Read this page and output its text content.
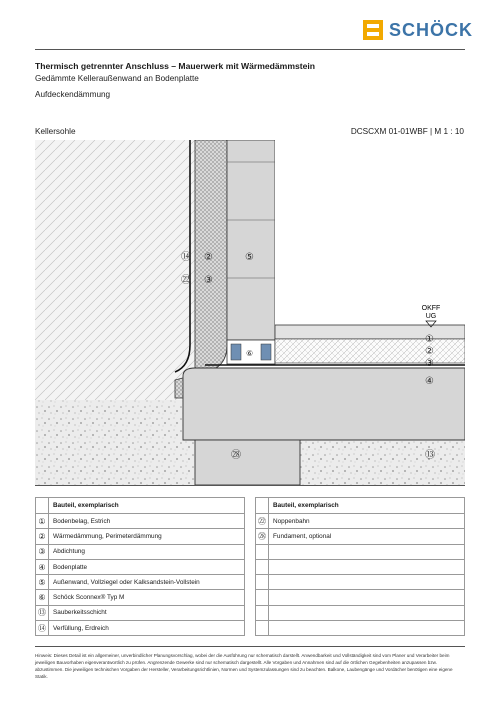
SCHÖCK
Thermisch getrennter Anschluss – Mauerwerk mit Wärmedämmstein
Gedämmte Kelleraußenwand an Bodenplatte
Aufdeckendämmung
Kellersohle	DCSCXM 01-01WBF | M 1 : 10
OKFF
UG
⑭ ②	⑤
㉒ ③
⑥
①
②
③
④
㉘	⑬
	Bauteil, exemplarisch
①	Bodenbelag, Estrich
②	Wärmedämmung, Perimeterdämmung
③	Abdichtung
④	Bodenplatte
⑤	Außenwand, Vollziegel oder Kalksandstein-Vollstein
⑥	Schöck Sconnex® Typ M
⑬	Sauberkeitsschicht
⑭	Verfüllung, Erdreich
	Bauteil, exemplarisch
㉒	Noppenbahn
㉘	Fundament, optional

Hinweis: Dieses Detail ist ein allgemeiner, unverbindlicher Planungsvorschlag, wobei der die Ausführung nur schematisch darstellt. Anwendbarkeit und Vollständigkeit sind vom Planer und Verarbeiter beim jeweiligen Bauvorhaben eigenverantwortlich zu prüfen. Angrenzende Gewerke sind nur schematisch dargestellt. Alle Vorgaben und Annahmen sind auf die örtlichen Gegebenheiten anzupassen bzw. abzustimmen. Die jeweiligen technischen Vorgaben der Hersteller, Verarbeitungsrichtlinien, Normen und Systemzulassungen sind zu beachten. Balkone, Laubengänge und Vordächer benötigen eine eigene Statik.
